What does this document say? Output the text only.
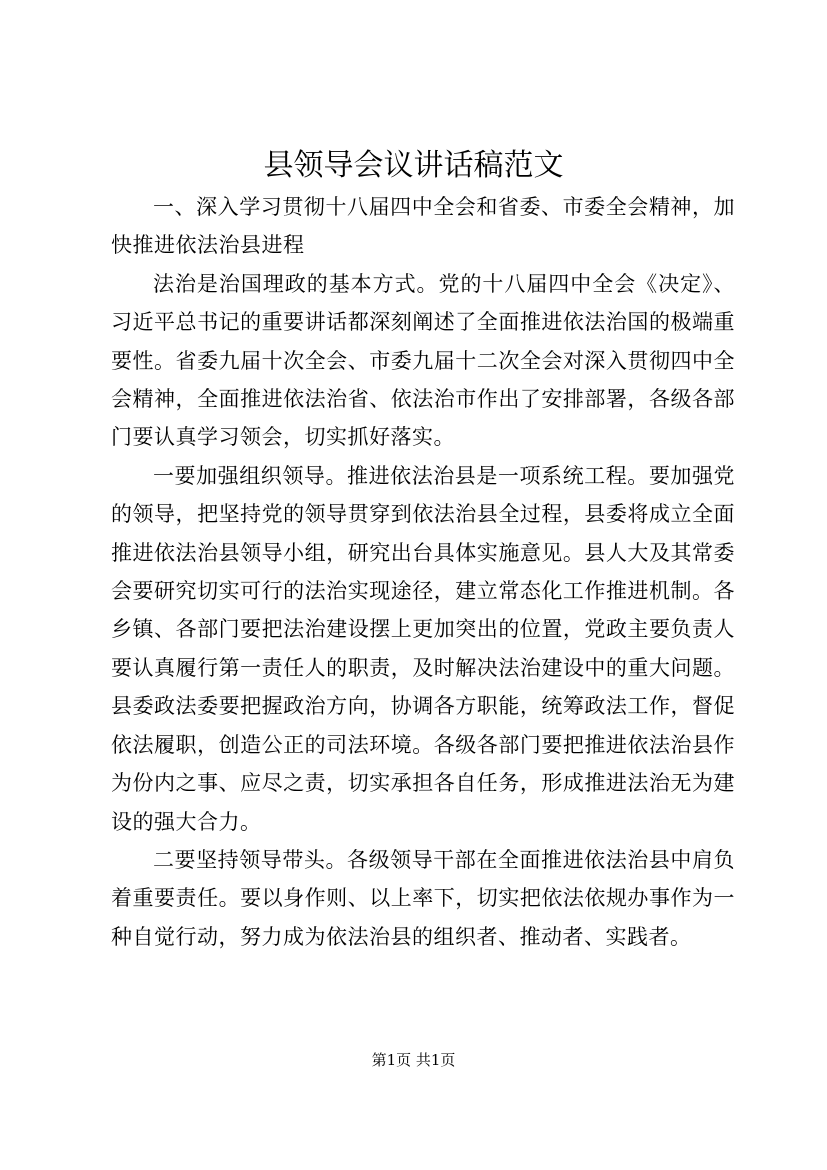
县领导会议讲话稿范文

一、深入学习贯彻十八届四中全会和省委、市委全会精神，加快推进依法治县进程

法治是治国理政的基本方式。党的十八届四中全会《决定》、习近平总书记的重要讲话都深刻阐述了全面推进依法治国的极端重要性。省委九届十次全会、市委九届十二次全会对深入贯彻四中全会精神，全面推进依法治省、依法治市作出了安排部署，各级各部门要认真学习领会，切实抓好落实。

一要加强组织领导。推进依法治县是一项系统工程。要加强党的领导，把坚持党的领导贯穿到依法治县全过程，县委将成立全面推进依法治县领导小组，研究出台具体实施意见。县人大及其常委会要研究切实可行的法治实现途径，建立常态化工作推进机制。各乡镇、各部门要把法治建设摆上更加突出的位置，党政主要负责人要认真履行第一责任人的职责，及时解决法治建设中的重大问题。县委政法委要把握政治方向，协调各方职能，统筹政法工作，督促依法履职，创造公正的司法环境。各级各部门要把推进依法治县作为份内之事、应尽之责，切实承担各自任务，形成推进法治无为建设的强大合力。

二要坚持领导带头。各级领导干部在全面推进依法治县中肩负着重要责任。要以身作则、以上率下，切实把依法依规办事作为一种自觉行动，努力成为依法治县的组织者、推动者、实践者。

第1页 共1页
